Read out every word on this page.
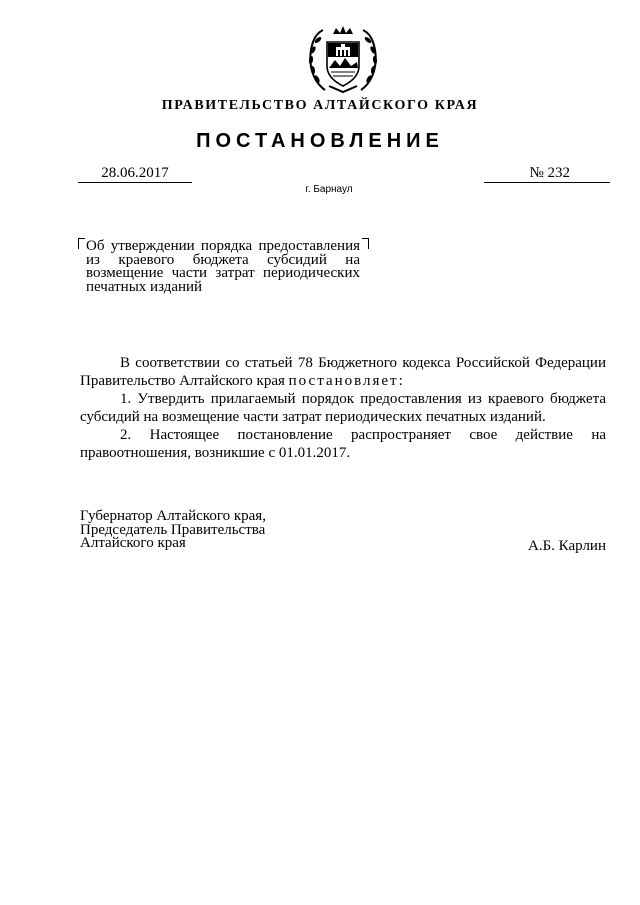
ПРАВИТЕЛЬСТВО АЛТАЙСКОГО КРАЯ
ПОСТАНОВЛЕНИЕ
28.06.2017	№ 232
г. Барнаул
Об утверждении порядка предоставления из краевого бюджета субсидий на возмещение части затрат периодических печатных изданий

В соответствии со статьей 78 Бюджетного кодекса Российской Федерации Правительство Алтайского края постановляет:

1. Утвердить прилагаемый порядок предоставления из краевого бюджета субсидий на возмещение части затрат периодических печатных изданий.

2. Настоящее постановление распространяет свое действие на правоотношения, возникшие с 01.01.2017.

Губернатор Алтайского края,
Председатель Правительства
Алтайского края	А.Б. Карлин
